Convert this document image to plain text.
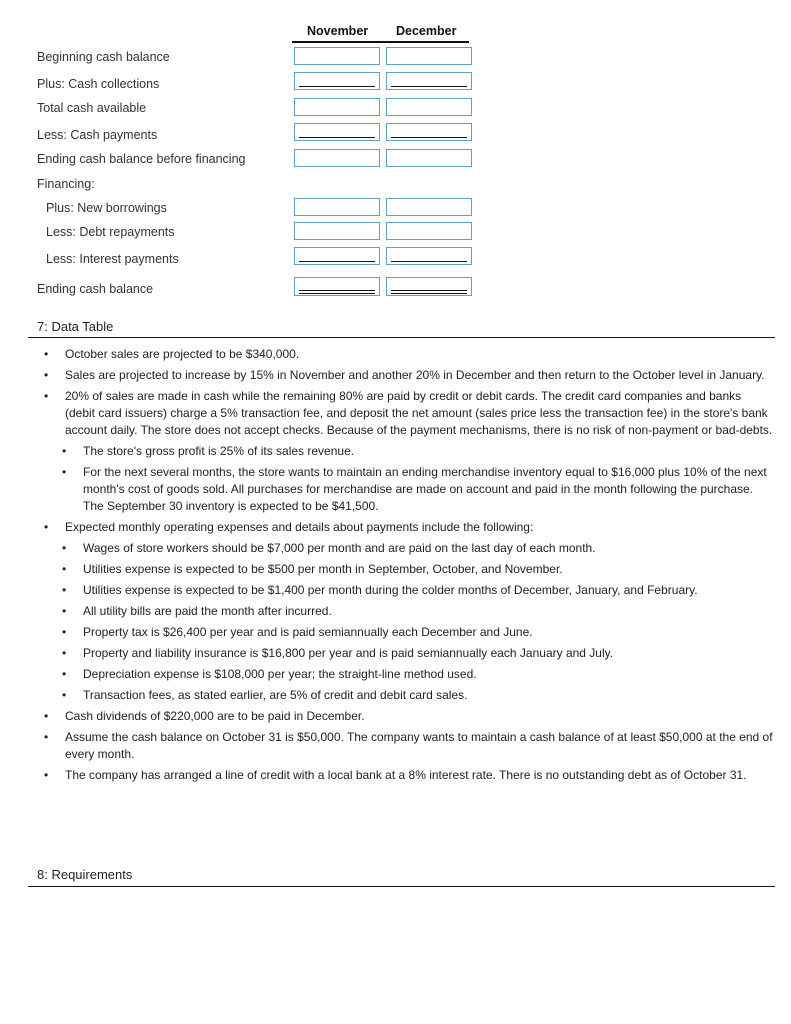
November December
Beginning cash balance
Plus: Cash collections
Total cash available
Less: Cash payments
Ending cash balance before financing
Financing:
Plus: New borrowings
Less: Debt repayments
Less: Interest payments
Ending cash balance
7: Data Table
• October sales are projected to be $340,000.
• Sales are projected to increase by 15% in November and another 20% in December and then return to the October level in January.
• 20% of sales are made in cash while the remaining 80% are paid by credit or debit cards. The credit card companies and banks (debit card issuers) charge a 5% transaction fee, and deposit the net amount (sales price less the transaction fee) in the store's bank account daily. The store does not accept checks. Because of the payment mechanisms, there is no risk of non-payment or bad-debts.
• The store's gross profit is 25% of its sales revenue.
• For the next several months, the store wants to maintain an ending merchandise inventory equal to $16,000 plus 10% of the next month's cost of goods sold. All purchases for merchandise are made on account and paid in the month following the purchase. The September 30 inventory is expected to be $41,500.
• Expected monthly operating expenses and details about payments include the following:
• Wages of store workers should be $7,000 per month and are paid on the last day of each month.
• Utilities expense is expected to be $500 per month in September, October, and November.
• Utilities expense is expected to be $1,400 per month during the colder months of December, January, and February.
• All utility bills are paid the month after incurred.
• Property tax is $26,400 per year and is paid semiannually each December and June.
• Property and liability insurance is $16,800 per year and is paid semiannually each January and July.
• Depreciation expense is $108,000 per year; the straight-line method used.
• Transaction fees, as stated earlier, are 5% of credit and debit card sales.
• Cash dividends of $220,000 are to be paid in December.
• Assume the cash balance on October 31 is $50,000. The company wants to maintain a cash balance of at least $50,000 at the end of every month.
• The company has arranged a line of credit with a local bank at a 8% interest rate. There is no outstanding debt as of October 31.
8: Requirements
